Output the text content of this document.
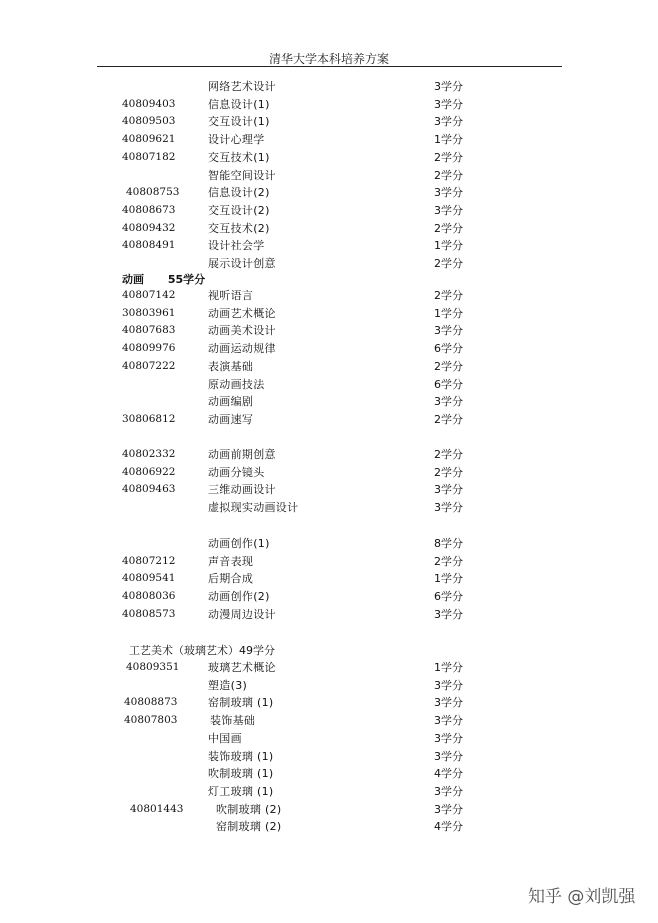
清华大学本科培养方案
网络艺术设计	3学分
40809403	信息设计(1)	3学分
40809503	交互设计(1)	3学分
40809621	设计心理学	1学分
40807182	交互技术(1)	2学分
智能空间设计	2学分
40808753	信息设计(2)	3学分
40808673	交互设计(2)	3学分
40809432	交互技术(2)	2学分
40808491	设计社会学	1学分
展示设计创意	2学分
40807142	视听语言	2学分
30803961	动画艺术概论	1学分
40807683	动画美术设计	3学分
40809976	动画运动规律	6学分
40807222	表演基础	2学分
原动画技法	6学分
动画编剧	3学分
30806812	动画速写	2学分
40802332	动画前期创意	2学分
40806922	动画分镜头	2学分
40809463	三维动画设计	3学分
虚拟现实动画设计	3学分
动画创作(1)	8学分
40807212	声音表现	2学分
40809541	后期合成	1学分
40808036	动画创作(2)	6学分
40808573	动漫周边设计	3学分
40809351	玻璃艺术概论	1学分
塑造(3)	3学分
40808873	窑制玻璃 (1)	3学分
40807803	装饰基础	3学分
中国画	3学分
装饰玻璃 (1)	3学分
吹制玻璃 (1)	4学分
灯工玻璃 (1)	3学分
40801443	吹制玻璃 (2)	3学分
窑制玻璃 (2)	4学分
动画 55学分
工艺美术（玻璃艺术）49学分
知乎 @刘凯强
